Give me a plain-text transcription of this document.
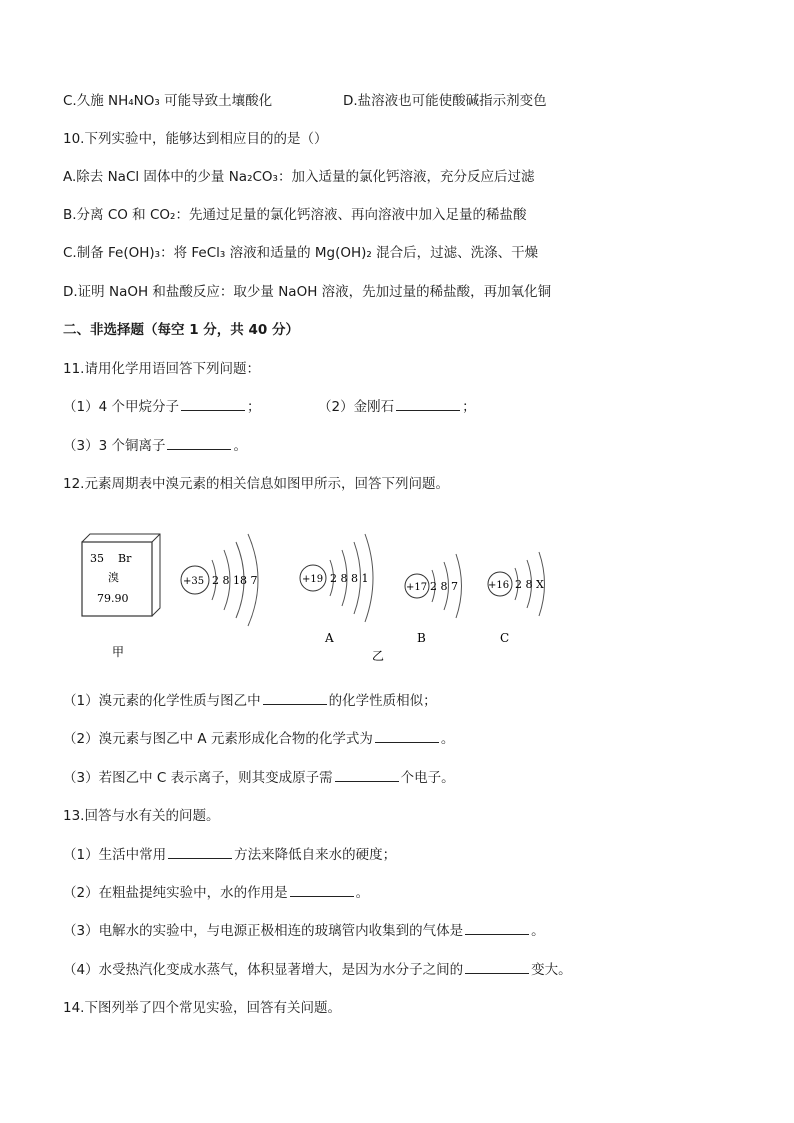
C.久施 NH₄NO₃ 可能导致土壤酸化	D.盐溶液也可能使酸碱指示剂变色
10.下列实验中，能够达到相应目的的是（）
A.除去 NaCl 固体中的少量 Na₂CO₃：加入适量的氯化钙溶液，充分反应后过滤
B.分离 CO 和 CO₂：先通过足量的氯化钙溶液、再向溶液中加入足量的稀盐酸
C.制备 Fe(OH)₃：将 FeCl₃ 溶液和适量的 Mg(OH)₂ 混合后，过滤、洗涤、干燥
D.证明 NaOH 和盐酸反应：取少量 NaOH 溶液，先加过量的稀盐酸，再加氧化铜
二、非选择题（每空 1 分，共 40 分）
11.请用化学用语回答下列问题：
（1）4 个甲烷分子	；	（2）金刚石	；
（3）3 个铜离子	。
12.元素周期表中溴元素的相关信息如图甲所示，回答下列问题。
35 Br
溴
79.90
甲
+35 2 8 18 7	+19 2 8 8 1
A
乙
+17 2 8 7
B
+16 2 8 X
C
（1）溴元素的化学性质与图乙中	的化学性质相似；
（2）溴元素与图乙中 A 元素形成化合物的化学式为	。
（3）若图乙中 C 表示离子，则其变成原子需	个电子。
13.回答与水有关的问题。
（1）生活中常用	方法来降低自来水的硬度；
（2）在粗盐提纯实验中，水的作用是	。
（3）电解水的实验中，与电源正极相连的玻璃管内收集到的气体是	。
（4）水受热汽化变成水蒸气，体积显著增大，是因为水分子之间的	变大。
14.下图列举了四个常见实验，回答有关问题。
